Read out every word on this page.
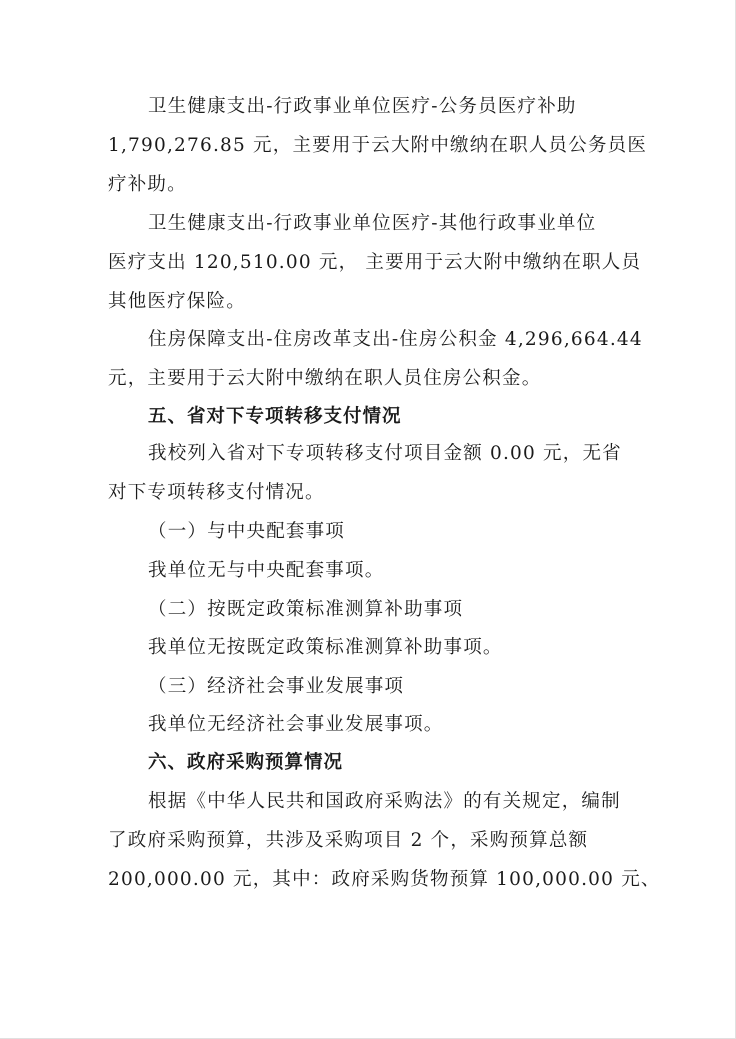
卫生健康支出-行政事业单位医疗-公务员医疗补助
1,790,276.85 元，主要用于云大附中缴纳在职人员公务员医
疗补助。
卫生健康支出-行政事业单位医疗-其他行政事业单位
医疗支出 120,510.00 元， 主要用于云大附中缴纳在职人员
其他医疗保险。
住房保障支出-住房改革支出-住房公积金 4,296,664.44
元，主要用于云大附中缴纳在职人员住房公积金。
五、省对下专项转移支付情况
我校列入省对下专项转移支付项目金额 0.00 元，无省
对下专项转移支付情况。
（一）与中央配套事项
我单位无与中央配套事项。
（二）按既定政策标准测算补助事项
我单位无按既定政策标准测算补助事项。
（三）经济社会事业发展事项
我单位无经济社会事业发展事项。
六、政府采购预算情况
根据《中华人民共和国政府采购法》的有关规定，编制
了政府采购预算，共涉及采购项目 2 个，采购预算总额
200,000.00 元，其中：政府采购货物预算 100,000.00 元、
